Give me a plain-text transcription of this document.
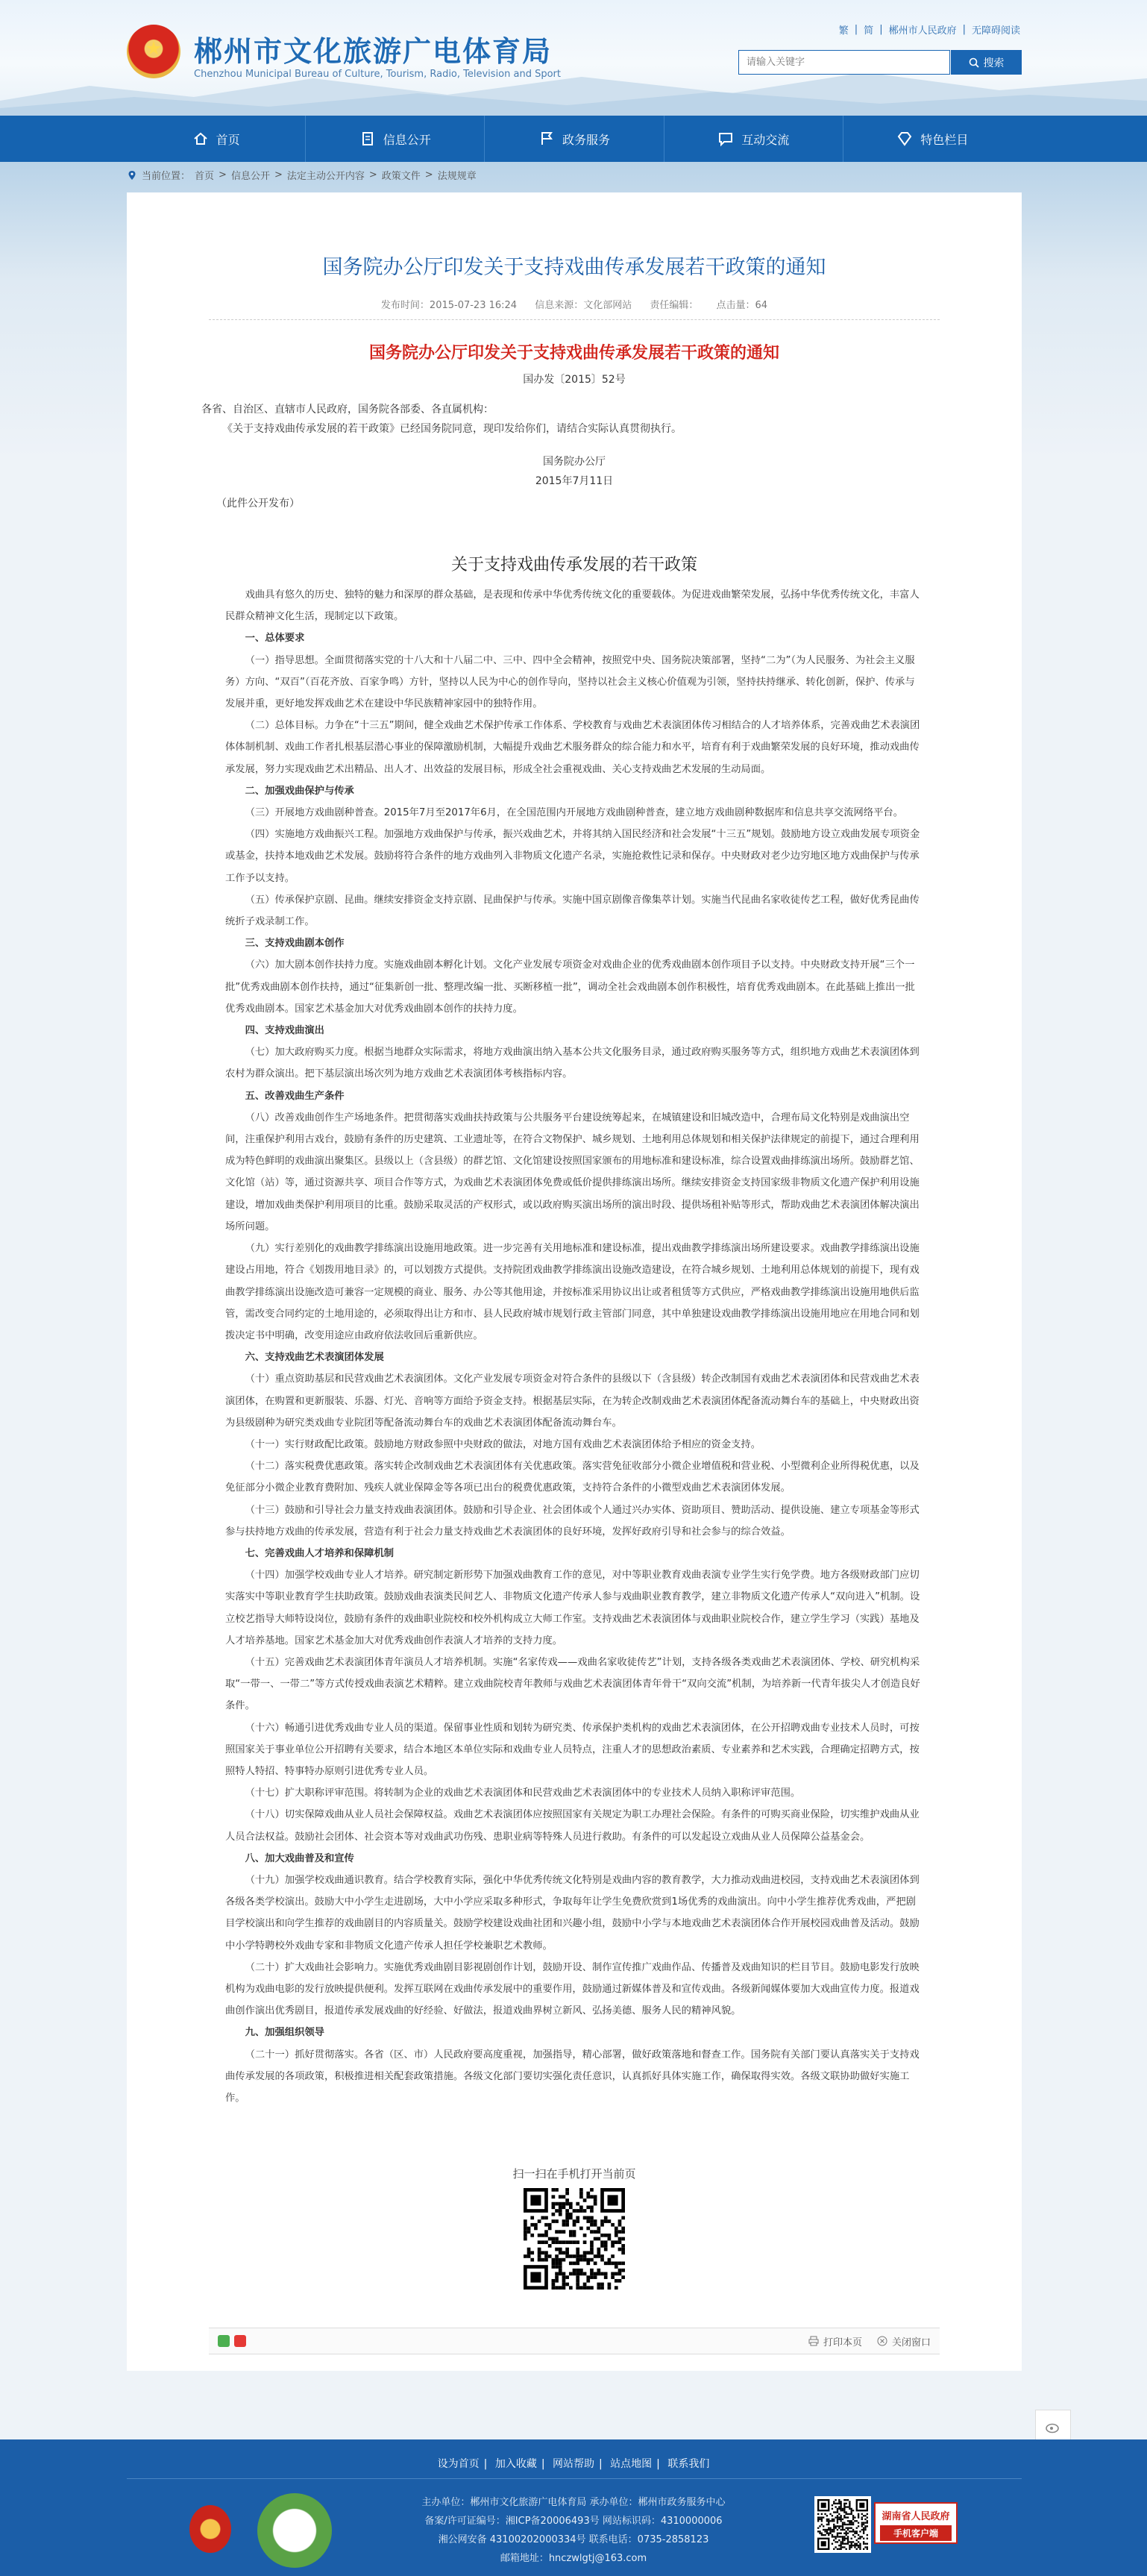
郴州市文化旅游广电体育局
Chenzhou Municipal Bureau of Culture, Tourism, Radio, Television and Sport
繁 | 简 | 郴州市人民政府 | 无障碍阅读
请输入关键字
搜索
首页	信息公开	政务服务	互动交流	特色栏目
当前位置： 首页 > 信息公开 > 法定主动公开内容 > 政策文件 > 法规规章
国务院办公厅印发关于支持戏曲传承发展若干政策的通知
发布时间：2015-07-23 16:24 信息来源：文化部网站 责任编辑： 点击量：64
国务院办公厅印发关于支持戏曲传承发展若干政策的通知
国办发〔2015〕52号
各省、自治区、直辖市人民政府，国务院各部委、各直属机构：
《关于支持戏曲传承发展的若干政策》已经国务院同意，现印发给你们，请结合实际认真贯彻执行。
国务院办公厅
2015年7月11日
（此件公开发布）
关于支持戏曲传承发展的若干政策

戏曲具有悠久的历史、独特的魅力和深厚的群众基础，是表现和传承中华优秀传统文化的重要载体。为促进戏曲繁荣发展，弘扬中华优秀传统文化，丰富人民群众精神文化生活，现制定以下政策。

一、总体要求

（一）指导思想。全面贯彻落实党的十八大和十八届二中、三中、四中全会精神，按照党中央、国务院决策部署，坚持“二为”（为人民服务、为社会主义服务）方向、“双百”（百花齐放、百家争鸣）方针，坚持以人民为中心的创作导向，坚持以社会主义核心价值观为引领，坚持扶持继承、转化创新，保护、传承与发展并重，更好地发挥戏曲艺术在建设中华民族精神家园中的独特作用。

（二）总体目标。力争在“十三五”期间，健全戏曲艺术保护传承工作体系、学校教育与戏曲艺术表演团体传习相结合的人才培养体系，完善戏曲艺术表演团体体制机制、戏曲工作者扎根基层潜心事业的保障激励机制，大幅提升戏曲艺术服务群众的综合能力和水平，培育有利于戏曲繁荣发展的良好环境，推动戏曲传承发展，努力实现戏曲艺术出精品、出人才、出效益的发展目标，形成全社会重视戏曲、关心支持戏曲艺术发展的生动局面。

二、加强戏曲保护与传承

（三）开展地方戏曲剧种普查。2015年7月至2017年6月，在全国范围内开展地方戏曲剧种普查，建立地方戏曲剧种数据库和信息共享交流网络平台。

（四）实施地方戏曲振兴工程。加强地方戏曲保护与传承，振兴戏曲艺术，并将其纳入国民经济和社会发展“十三五”规划。鼓励地方设立戏曲发展专项资金或基金，扶持本地戏曲艺术发展。鼓励将符合条件的地方戏曲列入非物质文化遗产名录，实施抢救性记录和保存。中央财政对老少边穷地区地方戏曲保护与传承工作予以支持。

（五）传承保护京剧、昆曲。继续安排资金支持京剧、昆曲保护与传承。实施中国京剧像音像集萃计划。实施当代昆曲名家收徒传艺工程，做好优秀昆曲传统折子戏录制工作。

三、支持戏曲剧本创作

（六）加大剧本创作扶持力度。实施戏曲剧本孵化计划。文化产业发展专项资金对戏曲企业的优秀戏曲剧本创作项目予以支持。中央财政支持开展“三个一批”优秀戏曲剧本创作扶持，通过“征集新创一批、整理改编一批、买断移植一批”，调动全社会戏曲剧本创作积极性，培育优秀戏曲剧本。在此基础上推出一批优秀戏曲剧本。国家艺术基金加大对优秀戏曲剧本创作的扶持力度。

四、支持戏曲演出

（七）加大政府购买力度。根据当地群众实际需求，将地方戏曲演出纳入基本公共文化服务目录，通过政府购买服务等方式，组织地方戏曲艺术表演团体到农村为群众演出。把下基层演出场次列为地方戏曲艺术表演团体考核指标内容。

五、改善戏曲生产条件

（八）改善戏曲创作生产场地条件。把贯彻落实戏曲扶持政策与公共服务平台建设统筹起来，在城镇建设和旧城改造中，合理布局文化特别是戏曲演出空间，注重保护利用古戏台，鼓励有条件的历史建筑、工业遗址等，在符合文物保护、城乡规划、土地利用总体规划和相关保护法律规定的前提下，通过合理利用成为特色鲜明的戏曲演出聚集区。县级以上（含县级）的群艺馆、文化馆建设按照国家颁布的用地标准和建设标准，综合设置戏曲排练演出场所。鼓励群艺馆、文化馆（站）等，通过资源共享、项目合作等方式，为戏曲艺术表演团体免费或低价提供排练演出场所。继续安排资金支持国家级非物质文化遗产保护利用设施建设，增加戏曲类保护利用项目的比重。鼓励采取灵活的产权形式，或以政府购买演出场所的演出时段、提供场租补贴等形式，帮助戏曲艺术表演团体解决演出场所问题。

（九）实行差别化的戏曲教学排练演出设施用地政策。进一步完善有关用地标准和建设标准，提出戏曲教学排练演出场所建设要求。戏曲教学排练演出设施建设占用地，符合《划拨用地目录》的，可以划拨方式提供。支持院团戏曲教学排练演出设施改造建设，在符合城乡规划、土地利用总体规划的前提下，现有戏曲教学排练演出设施改造可兼容一定规模的商业、服务、办公等其他用途，并按标准采用协议出让或者租赁等方式供应，严格戏曲教学排练演出设施用地供后监管，需改变合同约定的土地用途的，必须取得出让方和市、县人民政府城市规划行政主管部门同意，其中单独建设戏曲教学排练演出设施用地应在用地合同和划拨决定书中明确，改变用途应由政府依法收回后重新供应。

六、支持戏曲艺术表演团体发展

（十）重点资助基层和民营戏曲艺术表演团体。文化产业发展专项资金对符合条件的县级以下（含县级）转企改制国有戏曲艺术表演团体和民营戏曲艺术表演团体，在购置和更新服装、乐器、灯光、音响等方面给予资金支持。根据基层实际，在为转企改制戏曲艺术表演团体配备流动舞台车的基础上，中央财政出资为县级剧种为研究类戏曲专业院团等配备流动舞台车的戏曲艺术表演团体配备流动舞台车。

（十一）实行财政配比政策。鼓励地方财政参照中央财政的做法，对地方国有戏曲艺术表演团体给予相应的资金支持。

（十二）落实税费优惠政策。落实转企改制戏曲艺术表演团体有关优惠政策。落实营免征收部分小微企业增值税和营业税、小型微利企业所得税优惠，以及免征部分小微企业教育费附加、残疾人就业保障金等各项已出台的税费优惠政策，支持符合条件的小微型戏曲艺术表演团体发展。

（十三）鼓励和引导社会力量支持戏曲表演团体。鼓励和引导企业、社会团体或个人通过兴办实体、资助项目、赞助活动、提供设施、建立专项基金等形式参与扶持地方戏曲的传承发展，营造有利于社会力量支持戏曲艺术表演团体的良好环境，发挥好政府引导和社会参与的综合效益。

七、完善戏曲人才培养和保障机制

（十四）加强学校戏曲专业人才培养。研究制定新形势下加强戏曲教育工作的意见，对中等职业教育戏曲表演专业学生实行免学费。地方各级财政部门应切实落实中等职业教育学生扶助政策。鼓励戏曲表演类民间艺人、非物质文化遗产传承人参与戏曲职业教育教学，建立非物质文化遗产传承人“双向进入”机制。设立校艺指导大师特设岗位，鼓励有条件的戏曲职业院校和校外机构成立大师工作室。支持戏曲艺术表演团体与戏曲职业院校合作，建立学生学习（实践）基地及人才培养基地。国家艺术基金加大对优秀戏曲创作表演人才培养的支持力度。

（十五）完善戏曲艺术表演团体青年演员人才培养机制。实施“名家传戏——戏曲名家收徒传艺”计划，支持各级各类戏曲艺术表演团体、学校、研究机构采取“一带一、一带二”等方式传授戏曲表演艺术精粹。建立戏曲院校青年教师与戏曲艺术表演团体青年骨干“双向交流”机制，为培养新一代青年拔尖人才创造良好条件。

（十六）畅通引进优秀戏曲专业人员的渠道。保留事业性质和划转为研究类、传承保护类机构的戏曲艺术表演团体，在公开招聘戏曲专业技术人员时，可按照国家关于事业单位公开招聘有关要求，结合本地区本单位实际和戏曲专业人员特点，注重人才的思想政治素质、专业素养和艺术实践，合理确定招聘方式，按照特人特招、特事特办原则引进优秀专业人员。

（十七）扩大职称评审范围。将转制为企业的戏曲艺术表演团体和民营戏曲艺术表演团体中的专业技术人员纳入职称评审范围。

（十八）切实保障戏曲从业人员社会保障权益。戏曲艺术表演团体应按照国家有关规定为职工办理社会保险。有条件的可购买商业保险，切实维护戏曲从业人员合法权益。鼓励社会团体、社会资本等对戏曲武功伤残、患职业病等特殊人员进行救助。有条件的可以发起设立戏曲从业人员保障公益基金会。

八、加大戏曲普及和宣传

（十九）加强学校戏曲通识教育。结合学校教育实际，强化中华优秀传统文化特别是戏曲内容的教育教学，大力推动戏曲进校园，支持戏曲艺术表演团体到各级各类学校演出。鼓励大中小学生走进剧场，大中小学应采取多种形式，争取每年让学生免费欣赏到1场优秀的戏曲演出。向中小学生推荐优秀戏曲，严把剧目学校演出和向学生推荐的戏曲剧目的内容质量关。鼓励学校建设戏曲社团和兴趣小组，鼓励中小学与本地戏曲艺术表演团体合作开展校园戏曲普及活动。鼓励中小学特聘校外戏曲专家和非物质文化遗产传承人担任学校兼职艺术教师。

（二十）扩大戏曲社会影响力。实施优秀戏曲剧目影视剧创作计划，鼓励开设、制作宣传推广戏曲作品、传播普及戏曲知识的栏目节目。鼓励电影发行放映机构为戏曲电影的发行放映提供便利。发挥互联网在戏曲传承发展中的重要作用，鼓励通过新媒体普及和宣传戏曲。各级新闻媒体要加大戏曲宣传力度。报道戏曲创作演出优秀剧目，报道传承发展戏曲的好经验、好做法，报道戏曲界树立新风、弘扬美德、服务人民的精神风貌。

九、加强组织领导

（二十一）抓好贯彻落实。各省（区、市）人民政府要高度重视，加强指导，精心部署，做好政策落地和督查工作。国务院有关部门要认真落实关于支持戏曲传承发展的各项政策，积极推进相关配套政策措施。各级文化部门要切实强化责任意识，认真抓好具体实施工作，确保取得实效。各级文联协助做好实施工作。

扫一扫在手机打开当前页
打印本页	关闭窗口
设为首页 | 加入收藏 | 网站帮助 | 站点地图 | 联系我们
主办单位：郴州市文化旅游广电体育局 承办单位：郴州市政务服务中心
备案/许可证编号：湘ICP备20006493号 网站标识码：4310000006
湘公网安备 43100202000334号 联系电话：0735-2858123
邮箱地址：hnczwlgtj@163.com
湖南省人民政府
手机客户端
